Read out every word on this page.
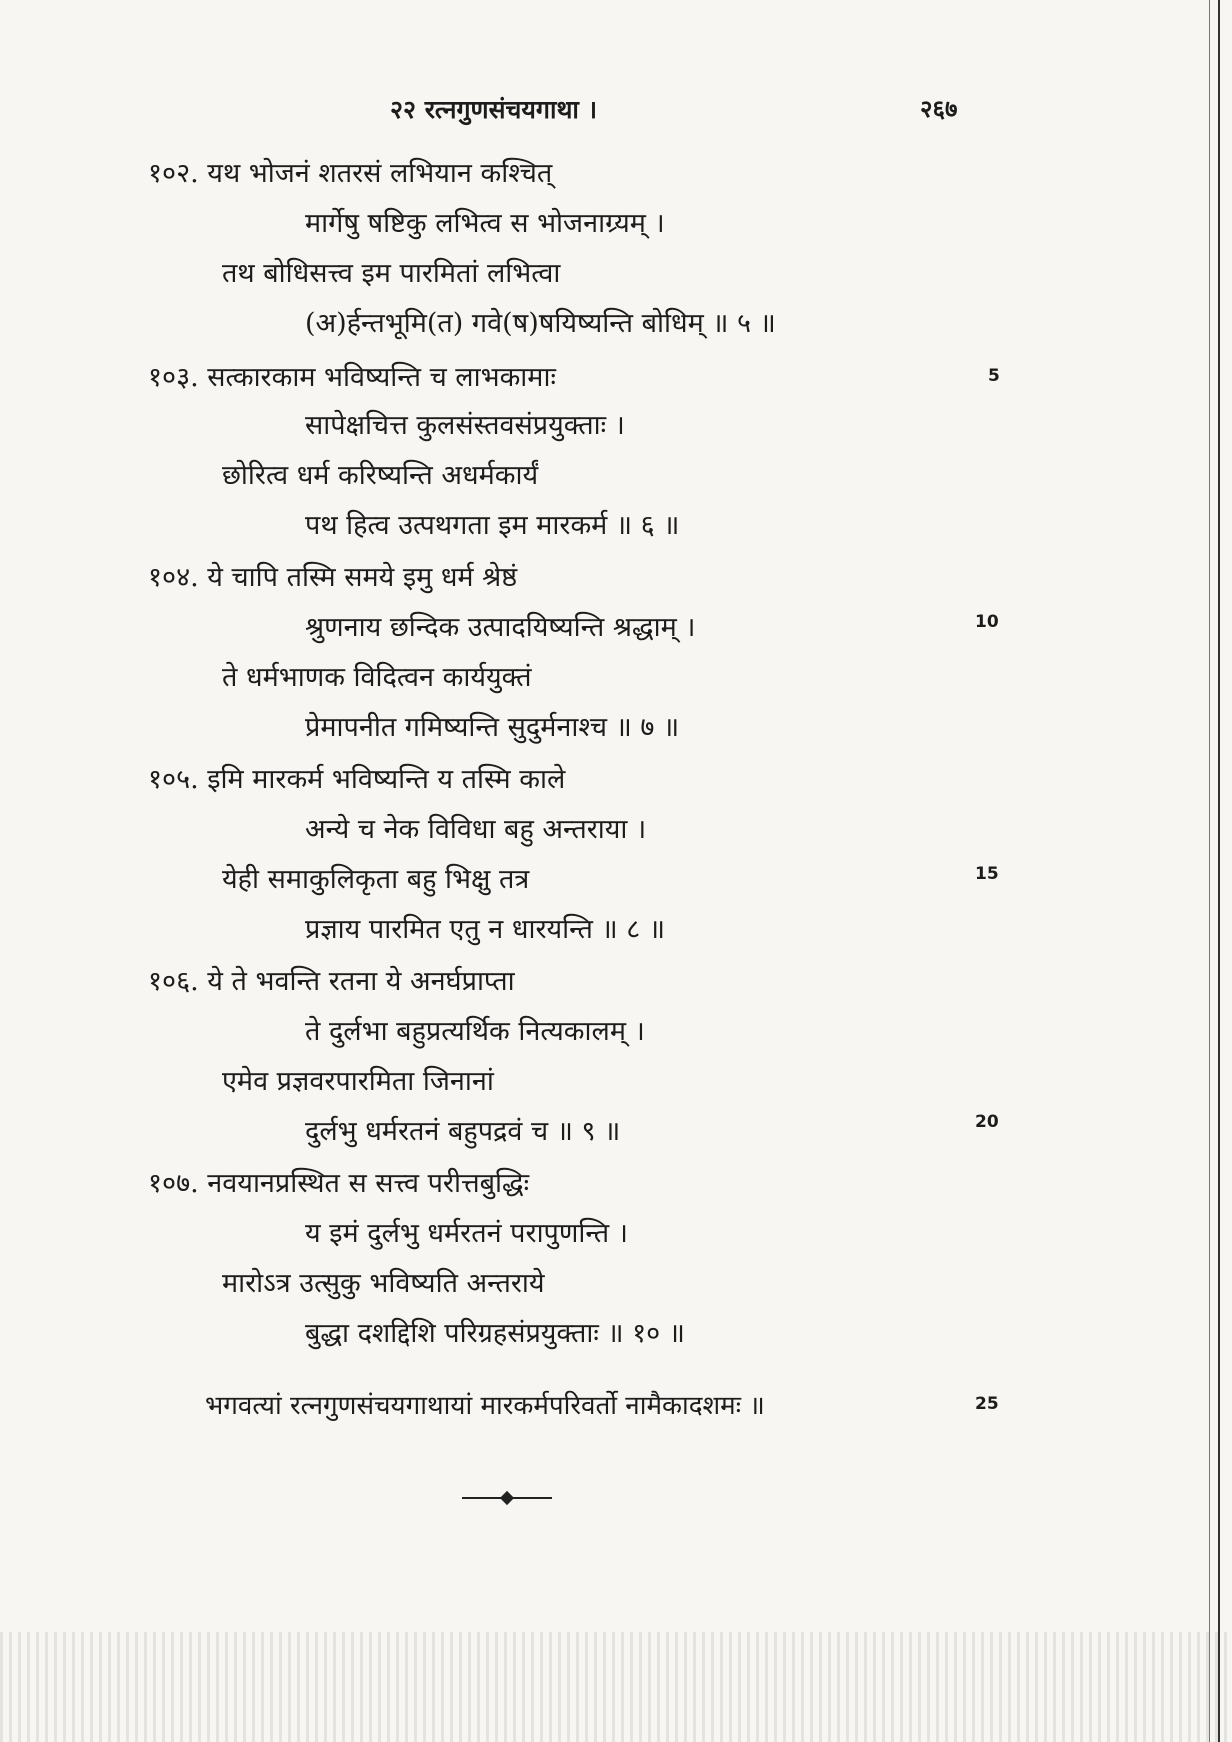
२२ रत्नगुणसंचयगाथा ।	२६७
१०२. यथ भोजनं शतरसं लभियान कश्चित्
मार्गेषु षष्टिकु लभित्व स भोजनाग्र्यम् ।
तथ बोधिसत्त्व इम पारमितां लभित्वा
(अ)र्हन्तभूमि(त) गवे(ष)षयिष्यन्ति बोधिम् ॥ ५ ॥
१०३. सत्कारकाम भविष्यन्ति च लाभकामाः
सापेक्षचित्त कुलसंस्तवसंप्रयुक्ताः ।
छोरित्व धर्म करिष्यन्ति अधर्मकार्यं
पथ हित्व उत्पथगता इम मारकर्म ॥ ६ ॥
१०४. ये चापि तस्मि समये इमु धर्म श्रेष्ठं
श्रुणनाय छन्दिक उत्पादयिष्यन्ति श्रद्धाम् ।
ते धर्मभाणक विदित्वन कार्ययुक्तं
प्रेमापनीत गमिष्यन्ति सुदुर्मनाश्च ॥ ७ ॥
१०५. इमि मारकर्म भविष्यन्ति य तस्मि काले
अन्ये च नेक विविधा बहु अन्तराया ।
येही समाकुलिकृता बहु भिक्षु तत्र
प्रज्ञाय पारमित एतु न धारयन्ति ॥ ८ ॥
१०६. ये ते भवन्ति रतना ये अनर्घप्राप्ता
ते दुर्लभा बहुप्रत्यर्थिक नित्यकालम् ।
एमेव प्रज्ञवरपारमिता जिनानां
दुर्लभु धर्मरतनं बहुपद्रवं च ॥ ९ ॥
१०७. नवयानप्रस्थित स सत्त्व परीत्तबुद्धिः
य इमं दुर्लभु धर्मरतनं परापुणन्ति ।
मारोऽत्र उत्सुकु भविष्यति अन्तराये
बुद्धा दशद्दिशि परिग्रहसंप्रयुक्ताः ॥ १० ॥
5
10
15
20
25
भगवत्यां रत्नगुणसंचयगाथायां मारकर्मपरिवर्तो नामैकादशमः ॥
